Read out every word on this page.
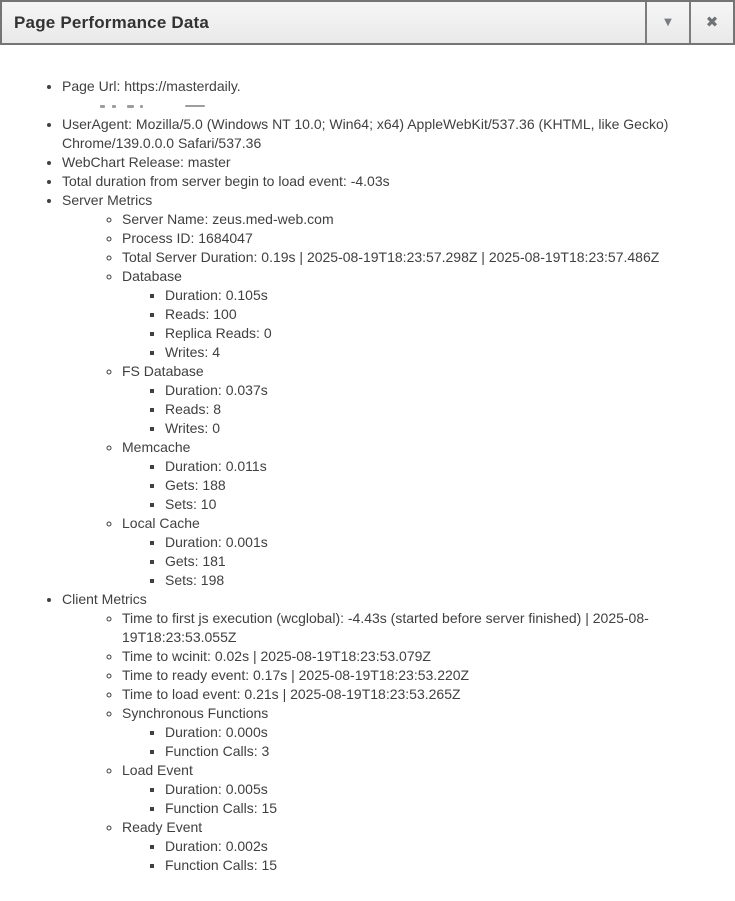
Page Performance Data	▼ ✖
• Page Url: https://masterdaily.
• UserAgent: Mozilla/5.0 (Windows NT 10.0; Win64; x64) AppleWebKit/537.36 (KHTML, like Gecko) Chrome/139.0.0.0 Safari/537.36
• WebChart Release: master
• Total duration from server begin to load event: -4.03s
• Server Metrics
◦ Server Name: zeus.med-web.com
◦ Process ID: 1684047
◦ Total Server Duration: 0.19s | 2025-08-19T18:23:57.298Z | 2025-08-19T18:23:57.486Z
◦ Database
▪ Duration: 0.105s
▪ Reads: 100
▪ Replica Reads: 0
▪ Writes: 4
◦ FS Database
▪ Duration: 0.037s
▪ Reads: 8
▪ Writes: 0
◦ Memcache
▪ Duration: 0.011s
▪ Gets: 188
▪ Sets: 10
◦ Local Cache
▪ Duration: 0.001s
▪ Gets: 181
▪ Sets: 198
• Client Metrics
◦ Time to first js execution (wcglobal): -4.43s (started before server finished) | 2025-08-19T18:23:53.055Z
◦ Time to wcinit: 0.02s | 2025-08-19T18:23:53.079Z
◦ Time to ready event: 0.17s | 2025-08-19T18:23:53.220Z
◦ Time to load event: 0.21s | 2025-08-19T18:23:53.265Z
◦ Synchronous Functions
▪ Duration: 0.000s
▪ Function Calls: 3
◦ Load Event
▪ Duration: 0.005s
▪ Function Calls: 15
◦ Ready Event
▪ Duration: 0.002s
▪ Function Calls: 15
